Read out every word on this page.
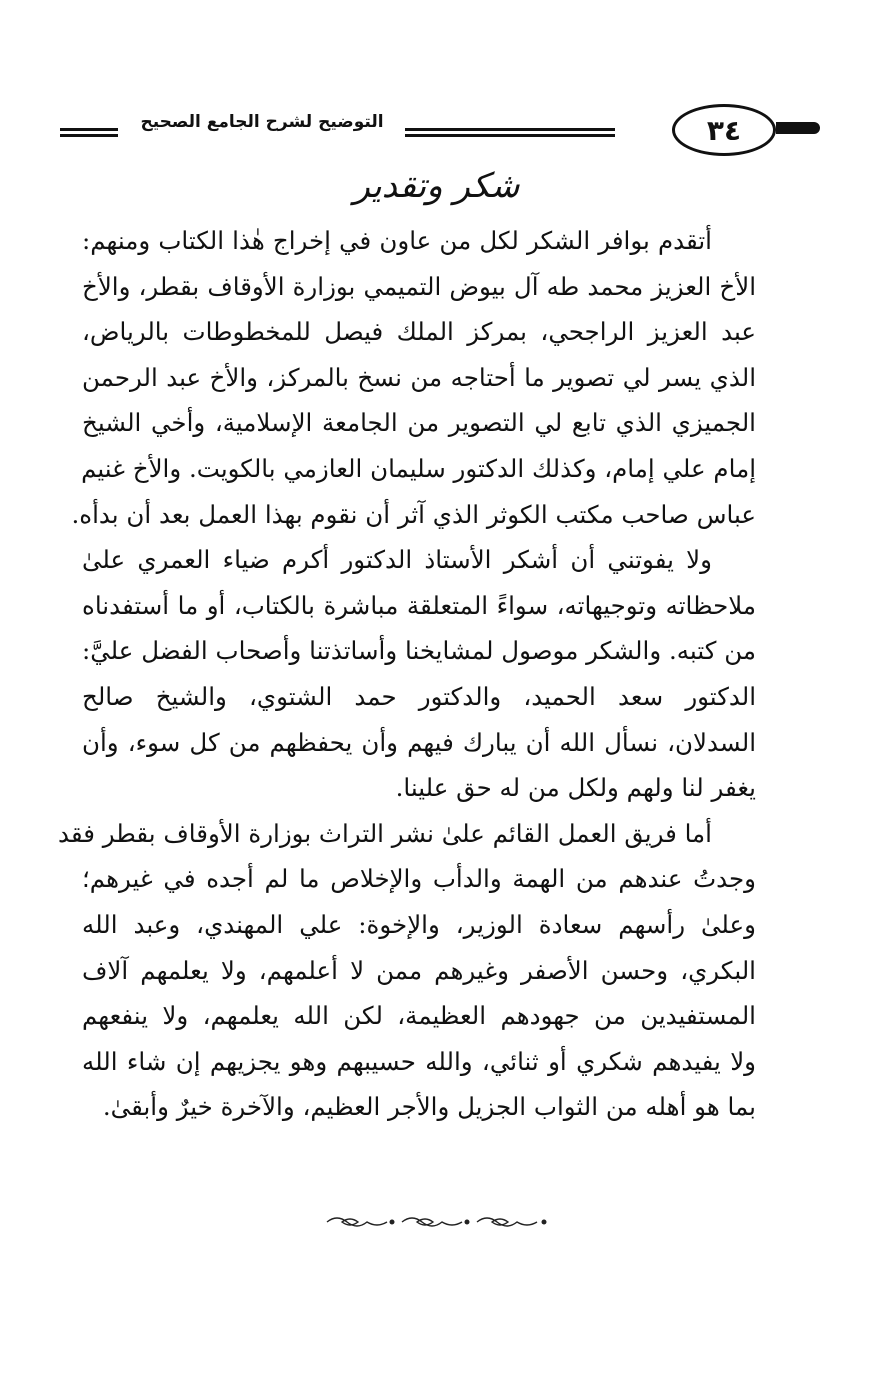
التوضيح لشرح الجامع الصحيح	٣٤
شكر وتقدير
أتقدم بوافر الشكر لكل من عاون في إخراج هٰذا الكتاب ومنهم:
الأخ العزيز محمد طه آل بيوض التميمي بوزارة الأوقاف بقطر، والأخ
عبد العزيز الراجحي، بمركز الملك فيصل للمخطوطات بالرياض،
الذي يسر لي تصوير ما أحتاجه من نسخ بالمركز، والأخ عبد الرحمن
الجميزي الذي تابع لي التصوير من الجامعة الإسلامية، وأخي الشيخ
إمام علي إمام، وكذلك الدكتور سليمان العازمي بالكويت. والأخ غنيم
عباس صاحب مكتب الكوثر الذي آثر أن نقوم بهذا العمل بعد أن بدأه.
ولا يفوتني أن أشكر الأستاذ الدكتور أكرم ضياء العمري علىٰ
ملاحظاته وتوجيهاته، سواءً المتعلقة مباشرة بالكتاب، أو ما أستفدناه
من كتبه. والشكر موصول لمشايخنا وأساتذتنا وأصحاب الفضل عليَّ:
الدكتور سعد الحميد، والدكتور حمد الشتوي، والشيخ صالح
السدلان، نسأل الله أن يبارك فيهم وأن يحفظهم من كل سوء، وأن
يغفر لنا ولهم ولكل من له حق علينا.
أما فريق العمل القائم علىٰ نشر التراث بوزارة الأوقاف بقطر فقد
وجدتُ عندهم من الهمة والدأب والإخلاص ما لم أجده في غيرهم؛
وعلىٰ رأسهم سعادة الوزير، والإخوة: علي المهندي، وعبد الله
البكري، وحسن الأصفر وغيرهم ممن لا أعلمهم، ولا يعلمهم آلاف
المستفيدين من جهودهم العظيمة، لكن الله يعلمهم، ولا ينفعهم
ولا يفيدهم شكري أو ثنائي، والله حسيبهم وهو يجزيهم إن شاء الله
بما هو أهله من الثواب الجزيل والأجر العظيم، والآخرة خيرٌ وأبقىٰ.
